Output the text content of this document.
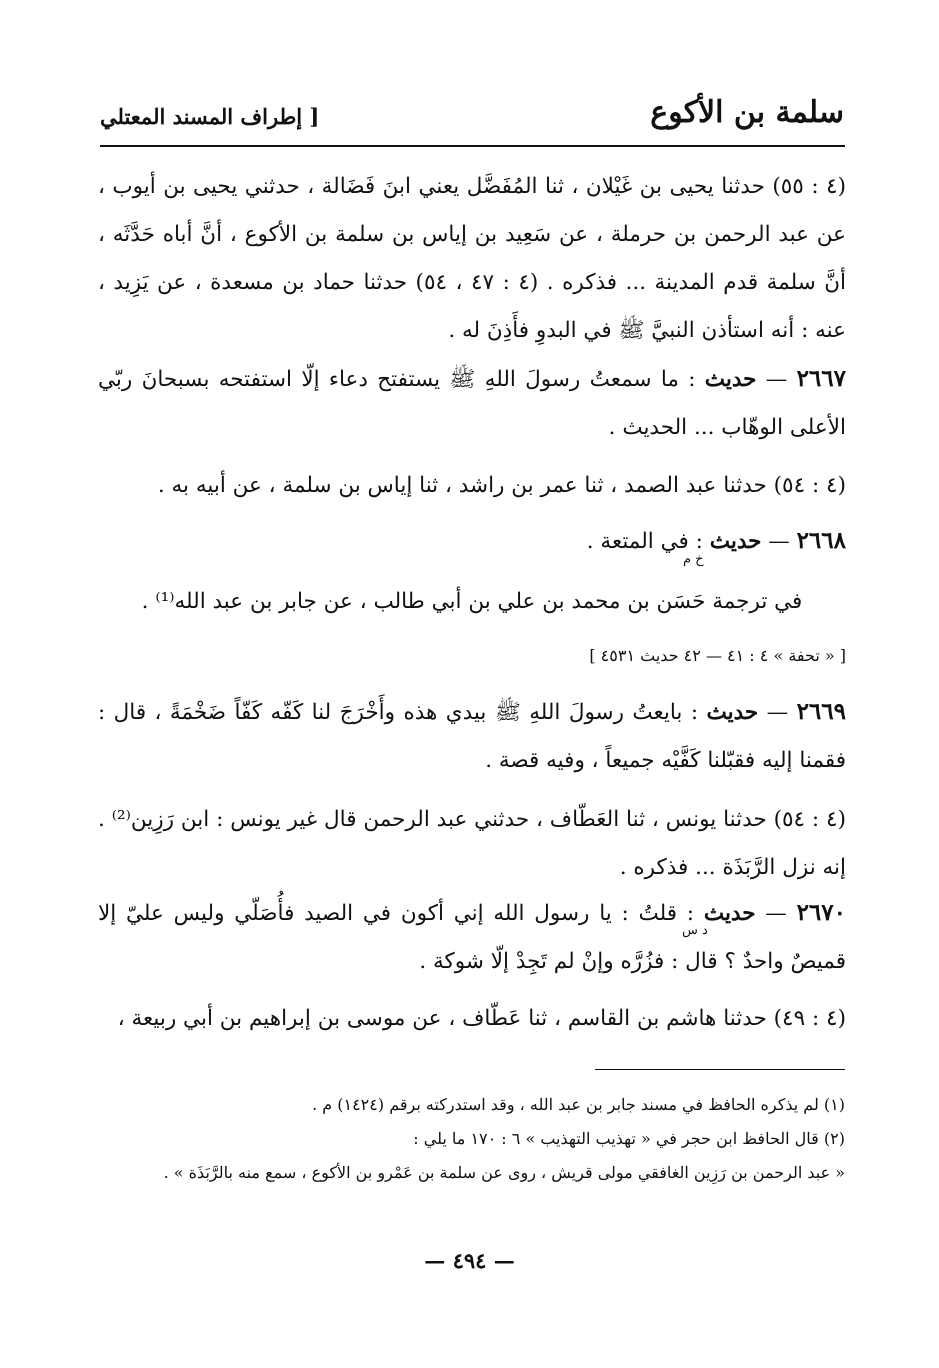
سلمة بن الأكوع
[ إطراف المسند المعتلي
(٤ : ٥٥) حدثنا يحيى بن غَيْلان ، ثنا المُفَضَّل يعني ابنَ فَضَالة ، حدثني يحيى بن أيوب ، عن عبد الرحمن بن حرملة ، عن سَعِيد بن إياس بن سلمة بن الأكوع ، أنَّ أباه حَدَّثَه ، أنَّ سلمة قدم المدينة ... فذكره . (٤ : ٤٧ ، ٥٤) حدثنا حماد بن مسعدة ، عن يَزِيد ، عنه : أنه استأذن النبيَّ ﷺ في البدوِ فأَذِنَ له .
٢٦٦٧ — حديث : ما سمعتُ رسولَ اللهِ ﷺ يستفتح دعاء إلّا استفتحه بسبحانَ ربّي الأعلى الوهّاب ... الحديث .
(٤ : ٥٤) حدثنا عبد الصمد ، ثنا عمر بن راشد ، ثنا إياس بن سلمة ، عن أبيه به .
٢٦٦٨ — حديث : في المتعة .
خ م
في ترجمة حَسَن بن محمد بن علي بن أبي طالب ، عن جابر بن عبد الله⁽¹⁾ .
[ « تحفة » ٤ : ٤١ — ٤٢ حديث ٤٥٣١ ]
٢٦٦٩ — حديث : بايعتُ رسولَ اللهِ ﷺ بيدي هذه وأَخْرَجَ لنا كَفّه كَفّاً ضَخْمَةً ، قال : فقمنا إليه فقبّلنا كَفَّيْه جميعاً ، وفيه قصة .
(٤ : ٥٤) حدثنا يونس ، ثنا العَطّاف ، حدثني عبد الرحمن قال غير يونس : ابن رَزِين⁽²⁾ . إنه نزل الرَّبَذَة ... فذكره .
٢٦٧٠ — حديث : قلتُ : يا رسول الله إني أكون في الصيد فأُصَلّي وليس عليّ إلا قميصٌ واحدٌ ؟ قال : فزُرَّه وإنْ لم تَجِدْ إلّا شوكة .
د س
(٤ : ٤٩) حدثنا هاشم بن القاسم ، ثنا عَطّاف ، عن موسى بن إبراهيم بن أبي ربيعة ،
(١) لم يذكره الحافظ في مسند جابر بن عبد الله ، وقد استدركته برقم (١٤٢٤) م .
(٢) قال الحافظ ابن حجر في « تهذيب التهذيب » ٦ : ١٧٠ ما يلي :
« عبد الرحمن بن رَزِين الغافقي مولى قريش ، روى عن سلمة بن عَمْرو بن الأكوع ، سمع منه بالرَّبَذَة » .
— ٤٩٤ —
